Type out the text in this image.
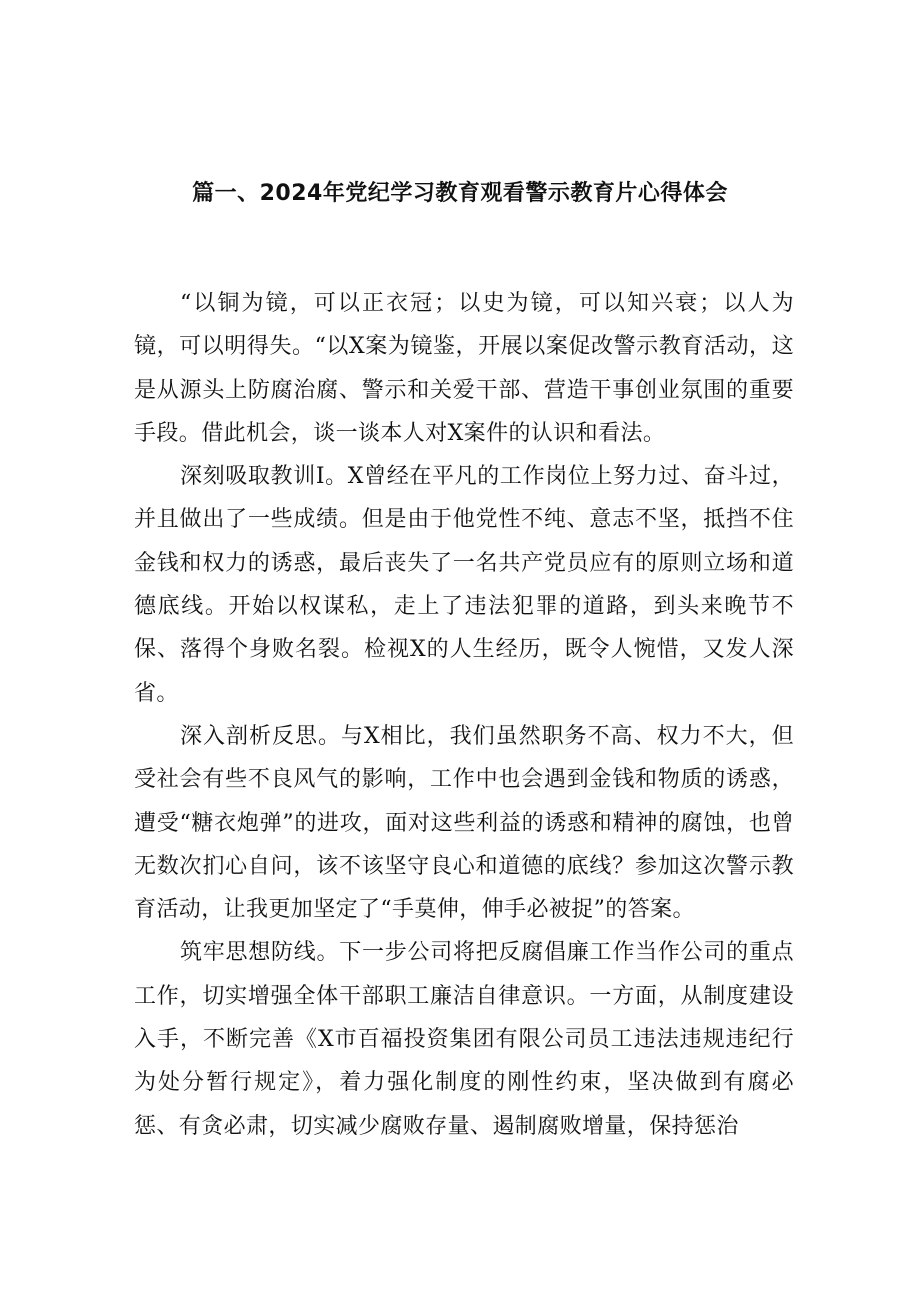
篇一、2024年党纪学习教育观看警示教育片心得体会

“以铜为镜，可以正衣冠；以史为镜，可以知兴衰；以人为镜，可以明得失。“以X案为镜鉴，开展以案促改警示教育活动，这是从源头上防腐治腐、警示和关爱干部、营造干事创业氛围的重要手段。借此机会，谈一谈本人对X案件的认识和看法。

深刻吸取教训I。X曾经在平凡的工作岗位上努力过、奋斗过，并且做出了一些成绩。但是由于他党性不纯、意志不坚，抵挡不住金钱和权力的诱惑，最后丧失了一名共产党员应有的原则立场和道德底线。开始以权谋私，走上了违法犯罪的道路，到头来晚节不保、落得个身败名裂。检视X的人生经历，既令人惋惜，又发人深省。

深入剖析反思。与X相比，我们虽然职务不高、权力不大，但受社会有些不良风气的影响，工作中也会遇到金钱和物质的诱惑，遭受“糖衣炮弹”的进攻，面对这些利益的诱惑和精神的腐蚀，也曾无数次扪心自问，该不该坚守良心和道德的底线？参加这次警示教育活动，让我更加坚定了“手莫伸，伸手必被捉”的答案。

筑牢思想防线。下一步公司将把反腐倡廉工作当作公司的重点工作，切实增强全体干部职工廉洁自律意识。一方面，从制度建设入手，不断完善《X市百福投资集团有限公司员工违法违规违纪行为处分暂行规定》，着力强化制度的刚性约束，坚决做到有腐必惩、有贪必肃，切实减少腐败存量、遏制腐败增量，保持惩治
